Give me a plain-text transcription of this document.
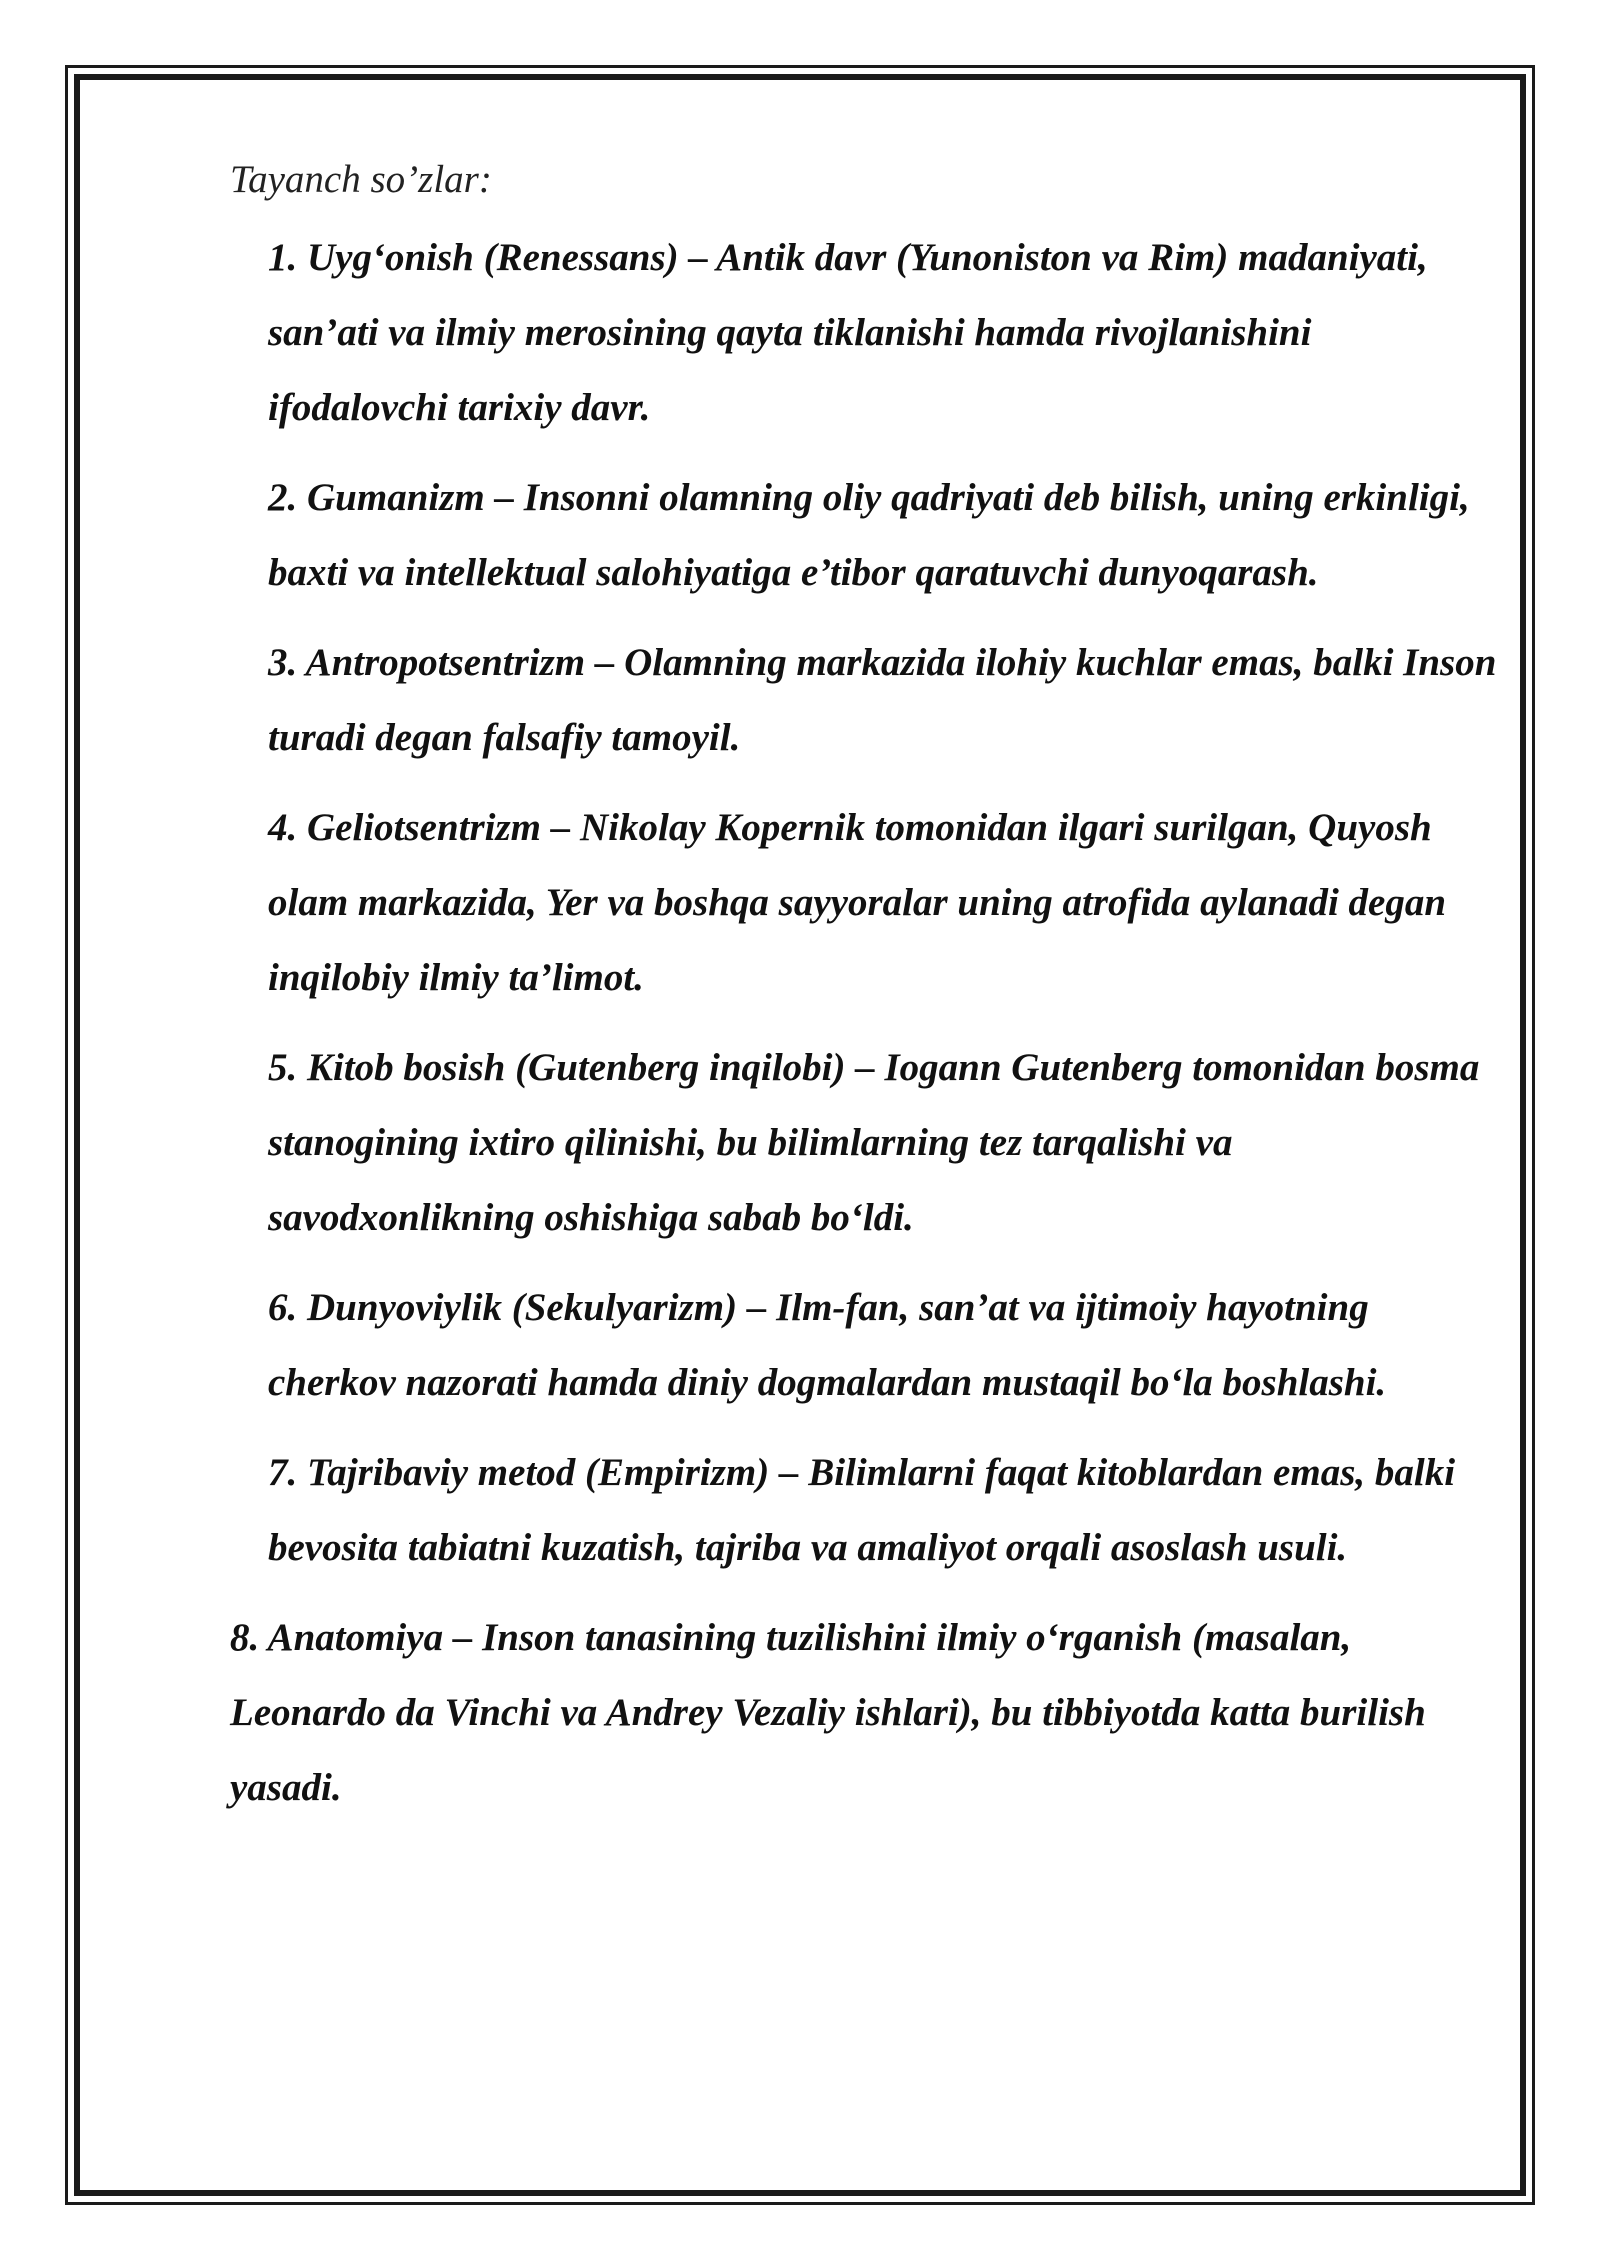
Tayanch so’zlar:

1. Uyg‘onish (Renessans) – Antik davr (Yunoniston va Rim) madaniyati, san’ati va ilmiy merosining qayta tiklanishi hamda rivojlanishini ifodalovchi tarixiy davr.
2. Gumanizm – Insonni olamning oliy qadriyati deb bilish, uning erkinligi, baxti va intellektual salohiyatiga e’tibor qaratuvchi dunyoqarash.
3. Antropotsentrizm – Olamning markazida ilohiy kuchlar emas, balki Inson turadi degan falsafiy tamoyil.
4. Geliotsentrizm – Nikolay Kopernik tomonidan ilgari surilgan, Quyosh olam markazida, Yer va boshqa sayyoralar uning atrofida aylanadi degan inqilobiy ilmiy ta’limot.
5. Kitob bosish (Gutenberg inqilobi) – Iogann Gutenberg tomonidan bosma stanogining ixtiro qilinishi, bu bilimlarning tez tarqalishi va savodxonlikning oshishiga sabab bo‘ldi.
6. Dunyoviylik (Sekulyarizm) – Ilm-fan, san’at va ijtimoiy hayotning cherkov nazorati hamda diniy dogmalardan mustaqil bo‘la boshlashi.
7. Tajribaviy metod (Empirizm) – Bilimlarni faqat kitoblardan emas, balki bevosita tabiatni kuzatish, tajriba va amaliyot orqali asoslash usuli.
8. Anatomiya – Inson tanasining tuzilishini ilmiy o‘rganish (masalan, Leonardo da Vinchi va Andrey Vezaliy ishlari), bu tibbiyotda katta burilish yasadi.
